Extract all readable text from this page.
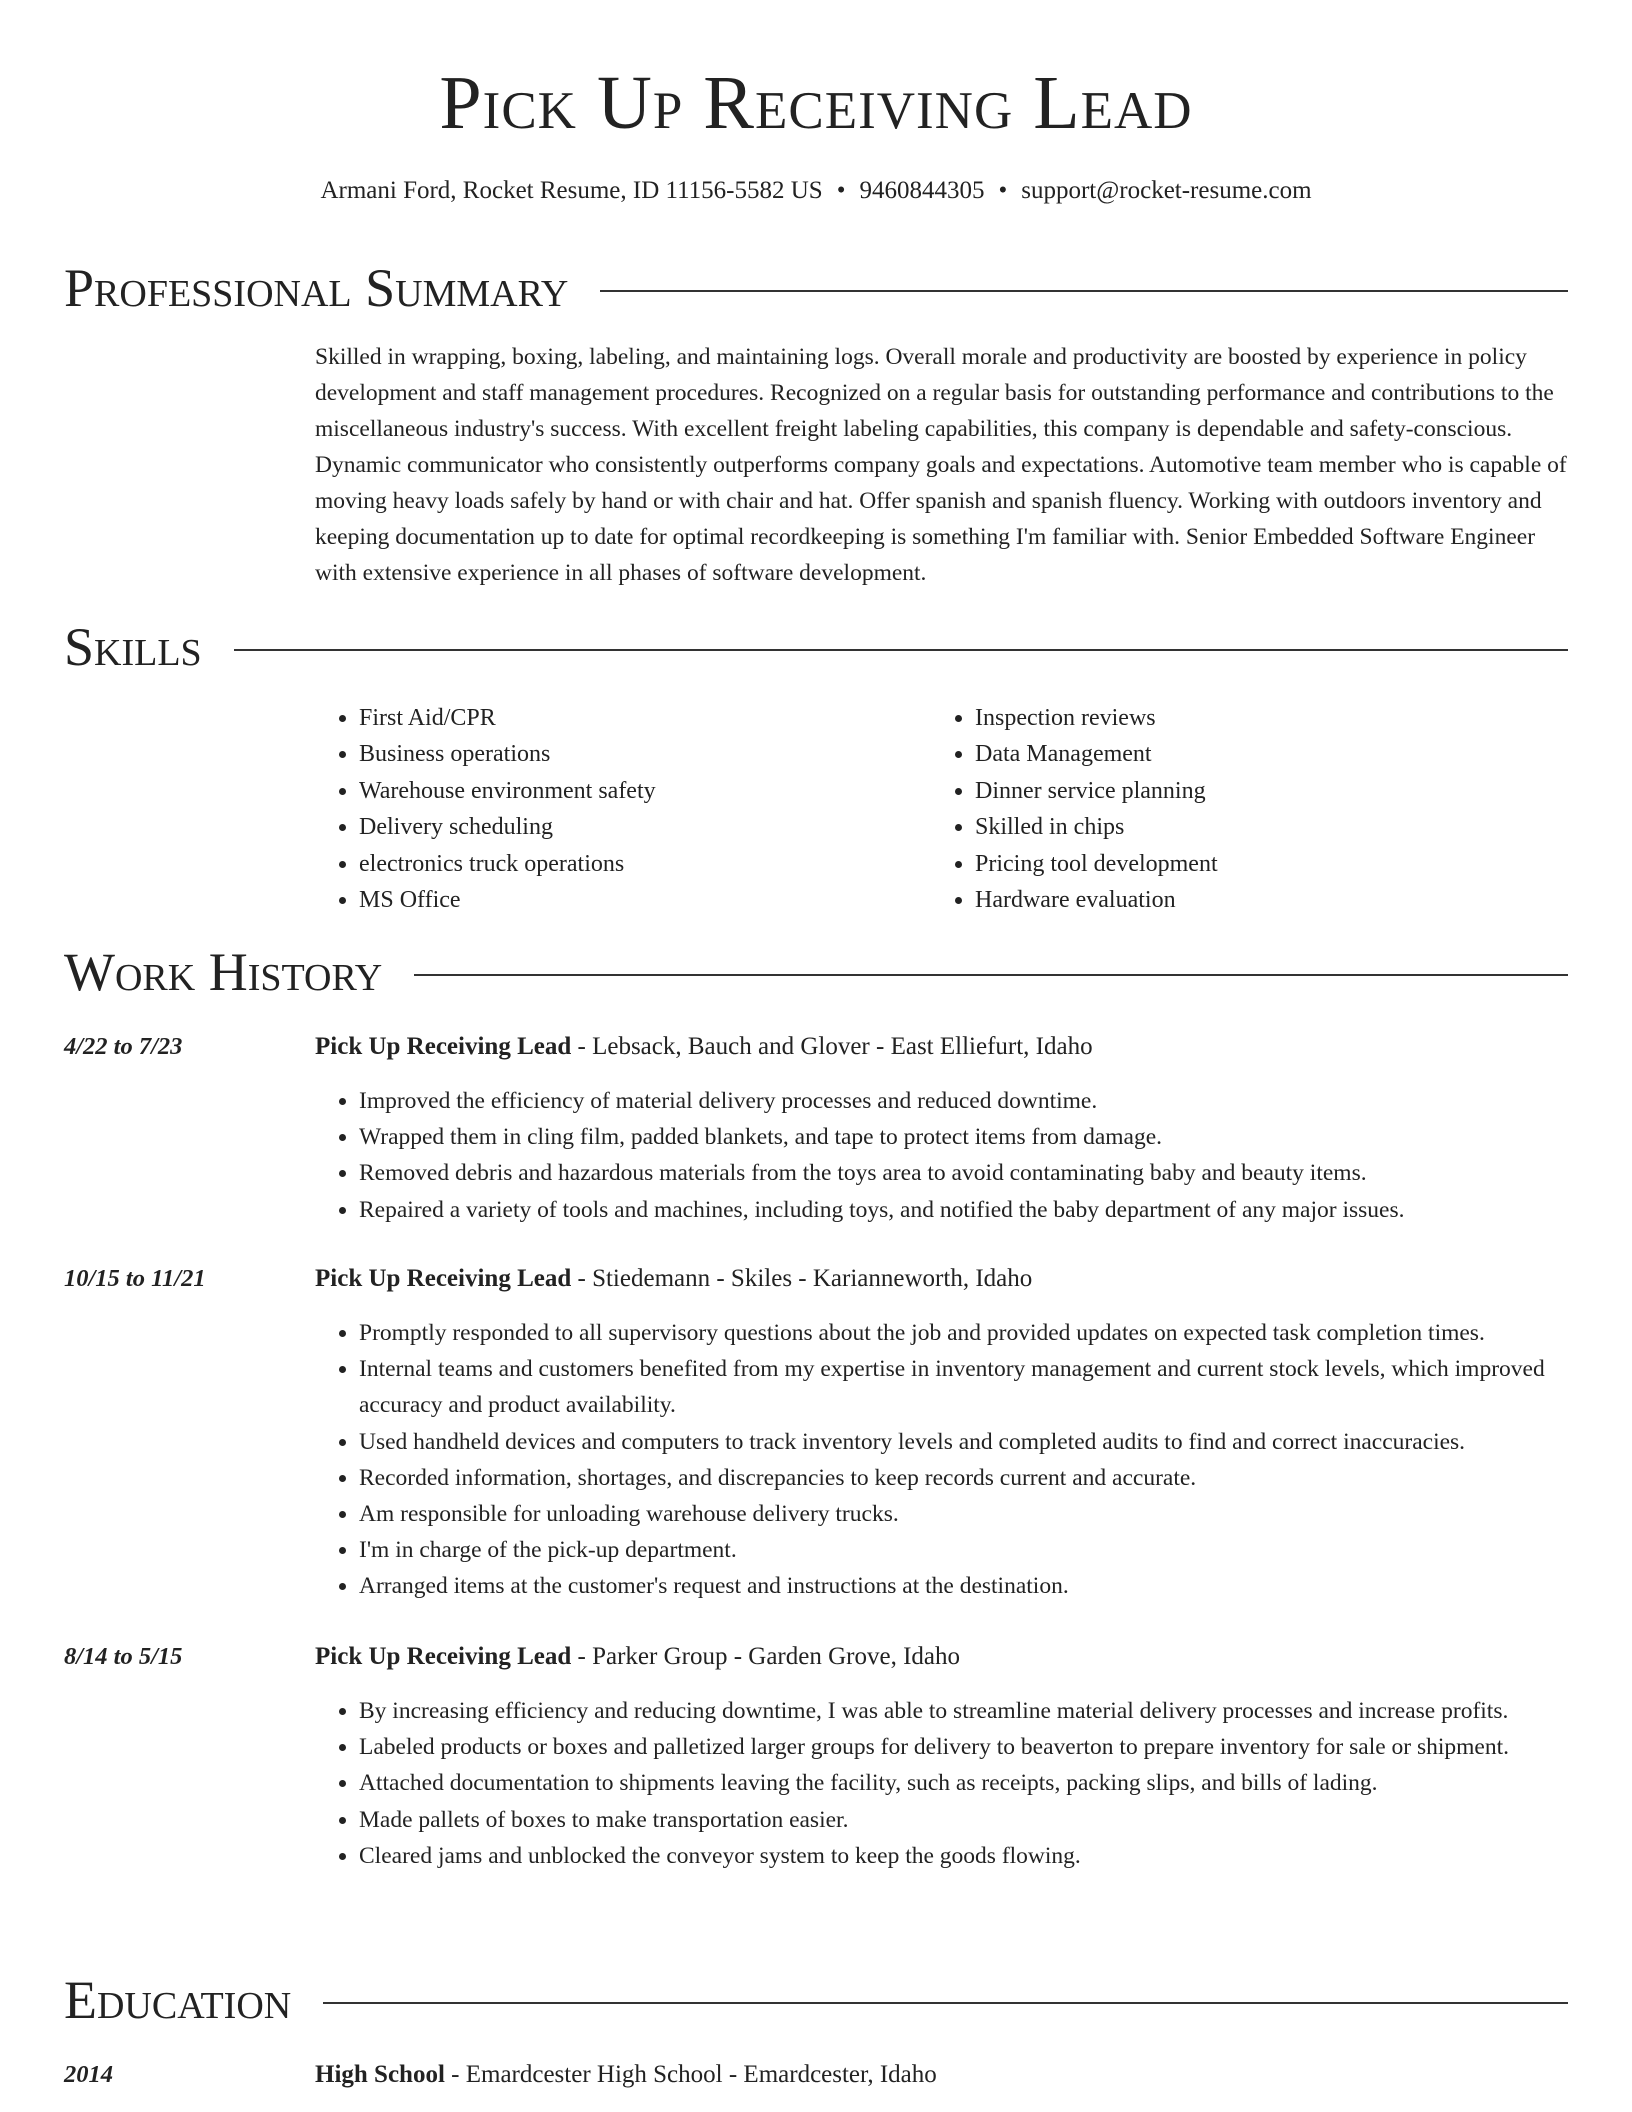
Pick Up Receiving Lead
Armani Ford, Rocket Resume, ID 11156-5582 US • 9460844305 • support@rocket-resume.com
Professional Summary

Skilled in wrapping, boxing, labeling, and maintaining logs. Overall morale and productivity are boosted by experience in policy development and staff management procedures. Recognized on a regular basis for outstanding performance and contributions to the miscellaneous industry's success. With excellent freight labeling capabilities, this company is dependable and safety-conscious. Dynamic communicator who consistently outperforms company goals and expectations. Automotive team member who is capable of moving heavy loads safely by hand or with chair and hat. Offer spanish and spanish fluency. Working with outdoors inventory and keeping documentation up to date for optimal recordkeeping is something I'm familiar with. Senior Embedded Software Engineer with extensive experience in all phases of software development.

Skills
• First Aid/CPR
• Business operations
• Warehouse environment safety
• Delivery scheduling
• electronics truck operations
• MS Office
• Inspection reviews
• Data Management
• Dinner service planning
• Skilled in chips
• Pricing tool development
• Hardware evaluation
Work History
4/22 to 7/23	Pick Up Receiving Lead - Lebsack, Bauch and Glover - East Elliefurt, Idaho
• Improved the efficiency of material delivery processes and reduced downtime.
• Wrapped them in cling film, padded blankets, and tape to protect items from damage.
• Removed debris and hazardous materials from the toys area to avoid contaminating baby and beauty items.
• Repaired a variety of tools and machines, including toys, and notified the baby department of any major issues.
10/15 to 11/21	Pick Up Receiving Lead - Stiedemann - Skiles - Karianneworth, Idaho
• Promptly responded to all supervisory questions about the job and provided updates on expected task completion times.
• Internal teams and customers benefited from my expertise in inventory management and current stock levels, which improved accuracy and product availability.
• Used handheld devices and computers to track inventory levels and completed audits to find and correct inaccuracies.
• Recorded information, shortages, and discrepancies to keep records current and accurate.
• Am responsible for unloading warehouse delivery trucks.
• I'm in charge of the pick-up department.
• Arranged items at the customer's request and instructions at the destination.
8/14 to 5/15	Pick Up Receiving Lead - Parker Group - Garden Grove, Idaho
• By increasing efficiency and reducing downtime, I was able to streamline material delivery processes and increase profits.
• Labeled products or boxes and palletized larger groups for delivery to beaverton to prepare inventory for sale or shipment.
• Attached documentation to shipments leaving the facility, such as receipts, packing slips, and bills of lading.
• Made pallets of boxes to make transportation easier.
• Cleared jams and unblocked the conveyor system to keep the goods flowing.
Education
2014	High School - Emardcester High School - Emardcester, Idaho
